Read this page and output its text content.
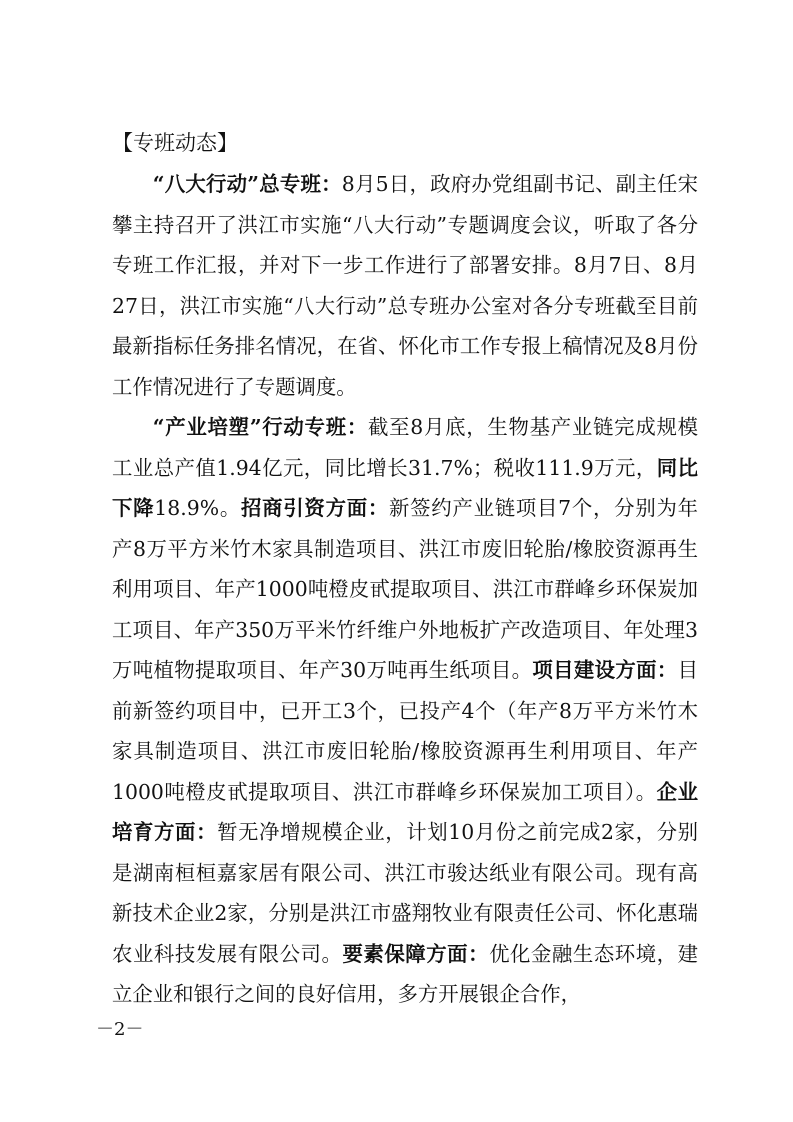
【专班动态】

“八大行动”总专班：8月5日，政府办党组副书记、副主任宋攀主持召开了洪江市实施“八大行动”专题调度会议，听取了各分专班工作汇报，并对下一步工作进行了部署安排。8月7日、8月27日，洪江市实施“八大行动”总专班办公室对各分专班截至目前最新指标任务排名情况，在省、怀化市工作专报上稿情况及8月份工作情况进行了专题调度。

“产业培塑”行动专班：截至8月底，生物基产业链完成规模工业总产值1.94亿元，同比增长31.7%；税收111.9万元，同比下降18.9%。招商引资方面：新签约产业链项目7个，分别为年产8万平方米竹木家具制造项目、洪江市废旧轮胎/橡胶资源再生利用项目、年产1000吨橙皮甙提取项目、洪江市群峰乡环保炭加工项目、年产350万平米竹纤维户外地板扩产改造项目、年处理3万吨植物提取项目、年产30万吨再生纸项目。项目建设方面：目前新签约项目中，已开工3个，已投产4个（年产8万平方米竹木家具制造项目、洪江市废旧轮胎/橡胶资源再生利用项目、年产1000吨橙皮甙提取项目、洪江市群峰乡环保炭加工项目）。企业培育方面：暂无净增规模企业，计划10月份之前完成2家，分别是湖南桓桓嘉家居有限公司、洪江市骏达纸业有限公司。现有高新技术企业2家，分别是洪江市盛翔牧业有限责任公司、怀化惠瑞农业科技发展有限公司。要素保障方面：优化金融生态环境，建立企业和银行之间的良好信用，多方开展银企合作，

－2－
